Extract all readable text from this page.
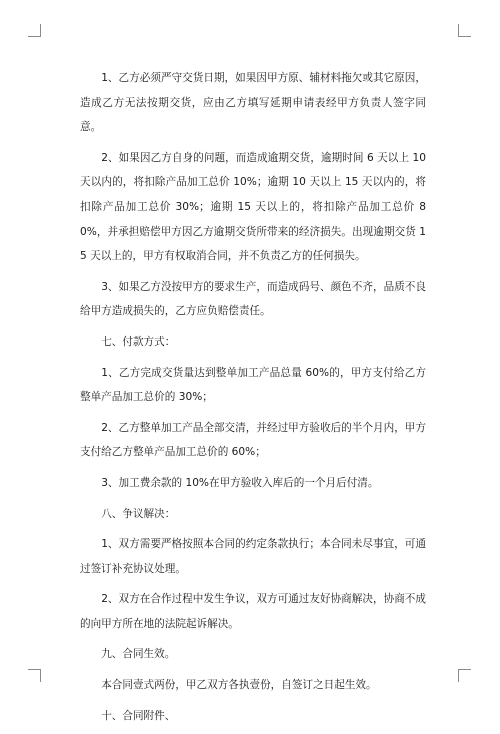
1、乙方必须严守交货日期，如果因甲方原、辅材料拖欠或其它原因，造成乙方无法按期交货，应由乙方填写延期申请表经甲方负责人签字同意。

2、如果因乙方自身的问题，而造成逾期交货，逾期时间 6 天以上 10 天以内的，将扣除产品加工总价 10%；逾期 10 天以上 15 天以内的，将扣除产品加工总价 30%；逾期 15 天以上的，将扣除产品加工总价 80%，并承担赔偿甲方因乙方逾期交货所带来的经济损失。出现逾期交货 15 天以上的，甲方有权取消合同，并不负责乙方的任何损失。

3、如果乙方没按甲方的要求生产，而造成码号、颜色不齐，品质不良给甲方造成损失的，乙方应负赔偿责任。

七、付款方式：

1、乙方完成交货量达到整单加工产品总量 60%的，甲方支付给乙方整单产品加工总价的 30%；

2、乙方整单加工产品全部交清，并经过甲方验收后的半个月内，甲方支付给乙方整单产品加工总价的 60%；

3、加工费余款的 10%在甲方验收入库后的一个月后付清。

八、争议解决：

1、双方需要严格按照本合同的约定条款执行；本合同未尽事宜，可通过签订补充协议处理。

2、双方在合作过程中发生争议，双方可通过友好协商解决，协商不成的向甲方所在地的法院起诉解决。

九、合同生效。

本合同壹式两份，甲乙双方各执壹份，自签订之日起生效。

十、合同附件、
